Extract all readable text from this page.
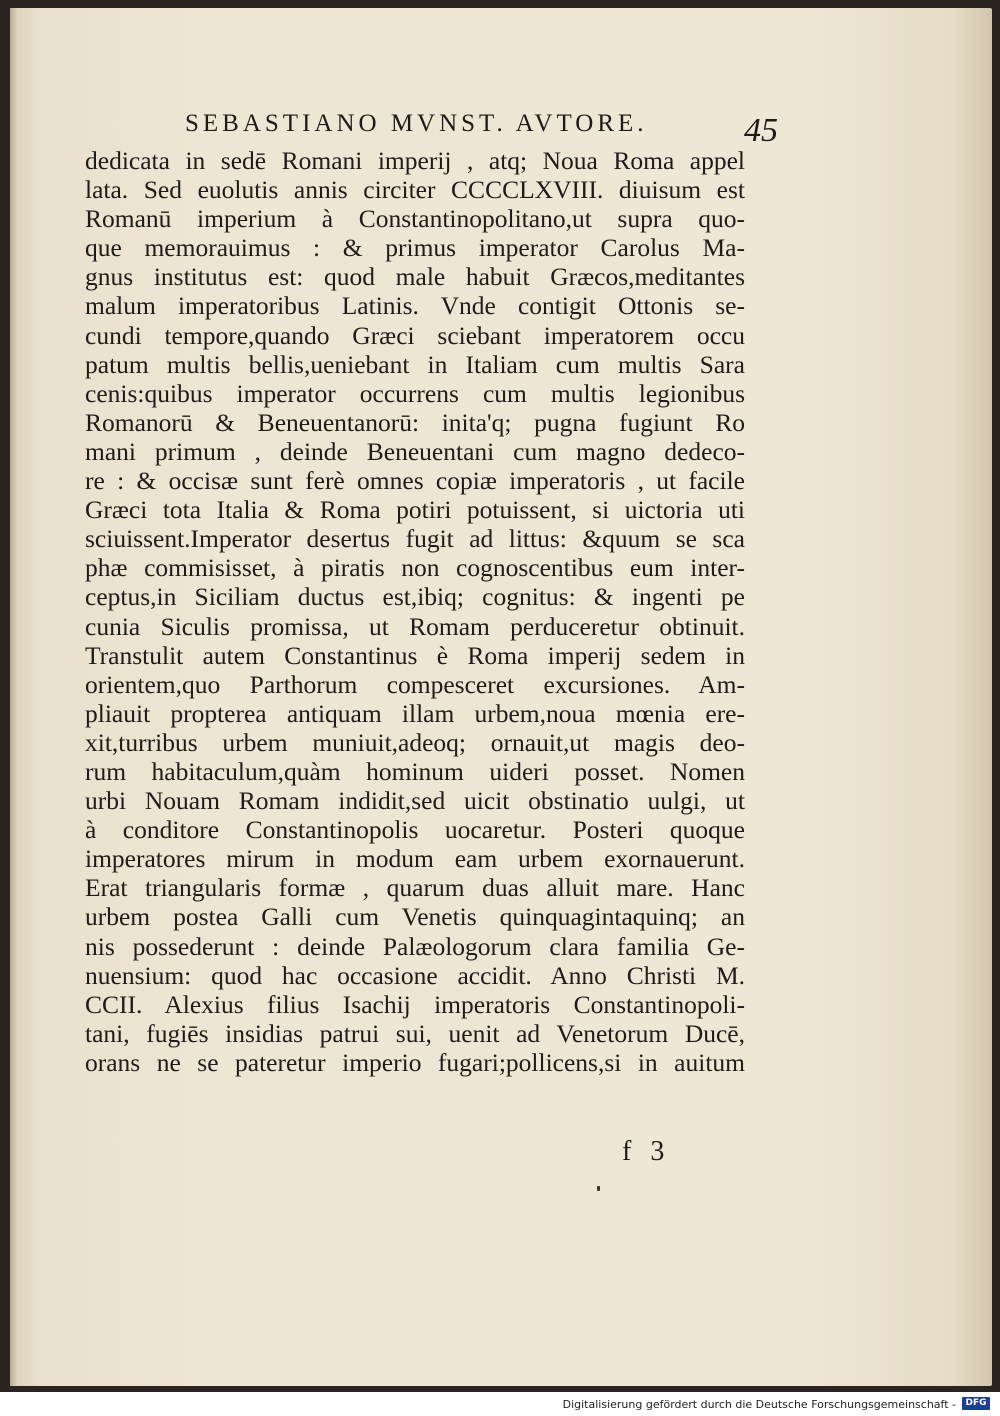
SEBASTIANO MVNST. AVTORE.	45
dedicata in sedē Romani imperij , atq; Noua Roma appel
lata. Sed euolutis annis circiter CCCCLXVIII. diuisum est
Romanū imperium à Constantinopolitano,ut supra quo-
que memorauimus : & primus imperator Carolus Ma-
gnus institutus est: quod male habuit Græcos,meditantes
malum imperatoribus Latinis. Vnde contigit Ottonis se-
cundi tempore,quando Græci sciebant imperatorem occu
patum multis bellis,ueniebant in Italiam cum multis Sara
cenis:quibus imperator occurrens cum multis legionibus
Romanorū & Beneuentanorū: inita'q; pugna fugiunt Ro
mani primum , deinde Beneuentani cum magno dedeco-
re : & occisæ sunt ferè omnes copiæ imperatoris , ut facile
Græci tota Italia & Roma potiri potuissent, si uictoria uti
sciuissent.Imperator desertus fugit ad littus: &quum se sca
phæ commisisset, à piratis non cognoscentibus eum inter-
ceptus,in Siciliam ductus est,ibiq; cognitus: & ingenti pe
cunia Siculis promissa, ut Romam perduceretur obtinuit.
Transtulit autem Constantinus è Roma imperij sedem in
orientem,quo Parthorum compesceret excursiones. Am-
pliauit propterea antiquam illam urbem,noua mœnia ere-
xit,turribus urbem muniuit,adeoq; ornauit,ut magis deo-
rum habitaculum,quàm hominum uideri posset. Nomen
urbi Nouam Romam indidit,sed uicit obstinatio uulgi, ut
à conditore Constantinopolis uocaretur. Posteri quoque
imperatores mirum in modum eam urbem exornauerunt.
Erat triangularis formæ , quarum duas alluit mare. Hanc
urbem postea Galli cum Venetis quinquagintaquinq; an
nis possederunt : deinde Palæologorum clara familia Ge-
nuensium: quod hac occasione accidit. Anno Christi M.
CCII. Alexius filius Isachij imperatoris Constantinopoli-
tani, fugiēs insidias patrui sui, uenit ad Venetorum Ducē,
orans ne se pateretur imperio fugari;pollicens,si in auitum
f 3
Digitalisierung gefördert durch die Deutsche Forschungsgemeinschaft -	DFG
